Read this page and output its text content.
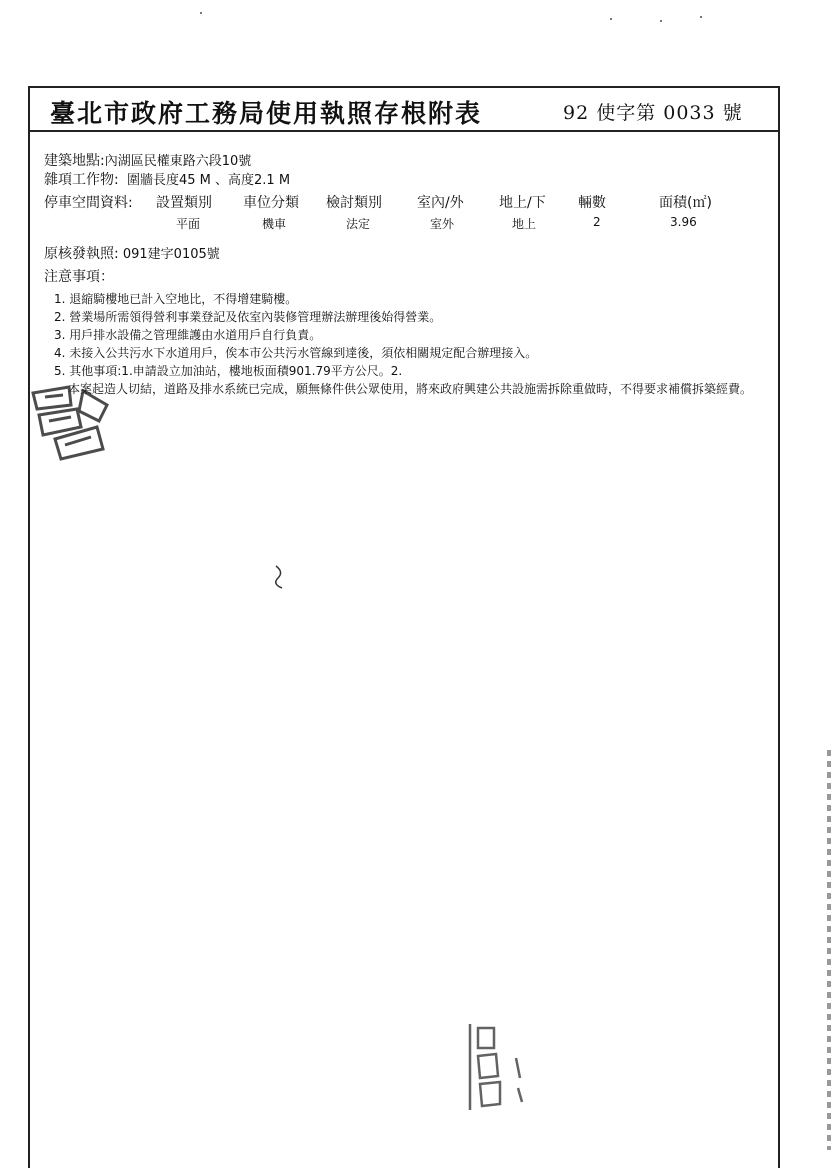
臺北市政府工務局使用執照存根附表	92 使字第 0033 號
建築地點:內湖區民權東路六段10號
雜項工作物: 圍牆長度45 M 、高度2.1 M
停車空間資料: 設置類別 車位分類 檢討類別	室內/外	地上/下 輛數	面積(㎡)
平面	機車	法定	室外	地上	2	3.96
原核發執照: 091建字0105號
注意事項：
1. 退縮騎樓地已計入空地比，不得增建騎樓。
2. 營業場所需領得營利事業登記及依室內裝修管理辦法辦理後始得營業。
3. 用戶排水設備之管理維護由水道用戶自行負責。
4. 未接入公共污水下水道用戶，俟本市公共污水管線到達後，須依相關規定配合辦理接入。
5. 其他事項:1.申請設立加油站，樓地板面積901.79平方公尺。2.
本案起造人切結，道路及排水系統已完成，願無條件供公眾使用，將來政府興建公共設施需拆除重做時，不得要求補償拆築經費。
